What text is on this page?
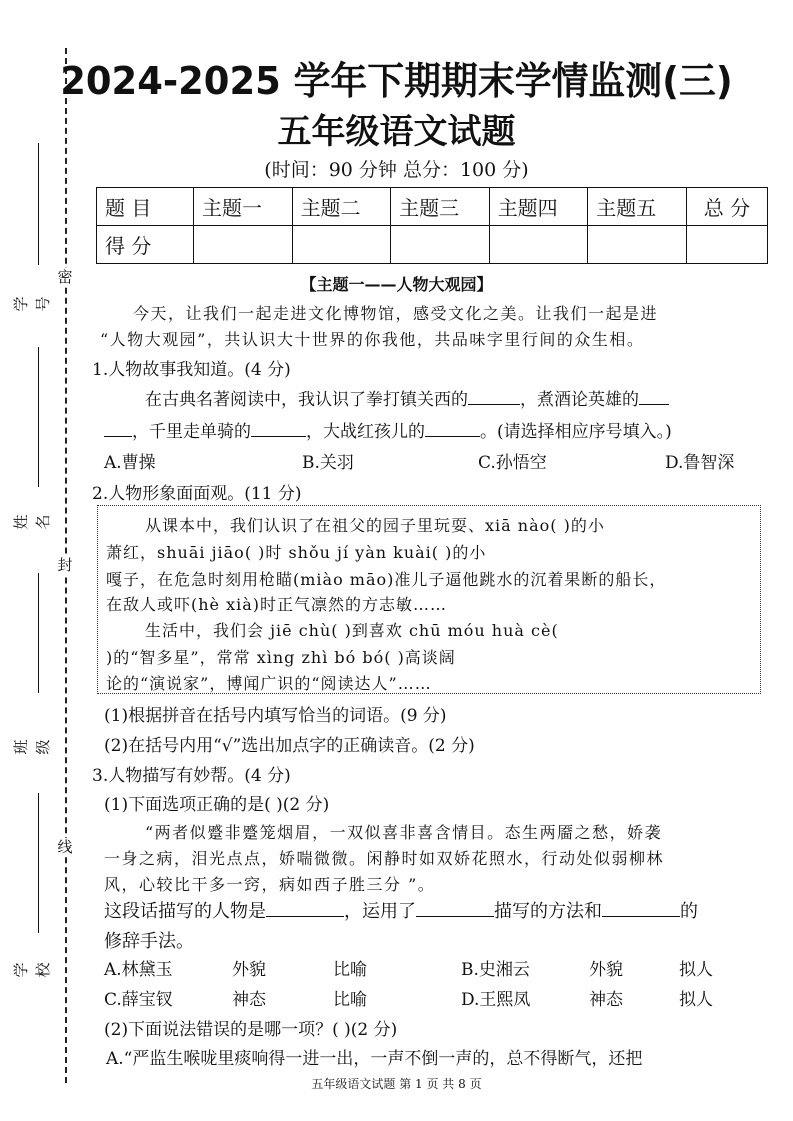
密
封
线
学 号
姓 名
班 级
学 校
2024-2025 学年下期期末学情监测(三)
五年级语文试题
(时间：90 分钟 总分：100 分)
题 目	主题一	主题二	主题三	主题四	主题五	总 分
得 分						
【主题一——人物大观园】
今天，让我们一起走进文化博物馆，感受文化之美。让我们一起是进
“人物大观园”，共认识大十世界的你我他，共品味字里行间的众生相。
1.人物故事我知道。(4 分)
在古典名著阅读中，我认识了拳打镇关西的	，煮酒论英雄的
，千里走单骑的	，大战红孩儿的	。(请选择相应序号填入。)
A.曹操	B.关羽	C.孙悟空	D.鲁智深
2.人物形象面面观。(11 分)
从课本中，我们认识了在祖父的园子里玩耍、xiā nào( )的小
萧红，shuāi jiāo( )时 shǒu jí yàn kuài( )的小
嘎子，在危急时刻用枪瞄(miào māo)准儿子逼他跳水的沉着果断的船长，
在敌人或吓(hè xià)时正气凛然的方志敏……
生活中，我们会 jiē chù( )到喜欢 chū móu huà cè(
)的“智多星”，常常 xìng zhì bó bó( )高谈阔
论的“演说家”，博闻广识的“阅读达人”……
(1)根据拼音在括号内填写恰当的词语。(9 分)
(2)在括号内用“√”选出加点字的正确读音。(2 分)
3.人物描写有妙帮。(4 分)
(1)下面选项正确的是( )(2 分)
“两者似蹙非蹙笼烟眉，一双似喜非喜含情目。态生两靥之愁，娇袭
一身之病，泪光点点，娇喘微微。闲静时如双娇花照水，行动处似弱柳林
风，心较比干多一窍，病如西子胜三分 ”。
这段话描写的人物是	，运用了	描写的方法和	的
修辞手法。
A.林黛玉	外貌	比喻	B.史湘云	外貌	拟人
C.薛宝钗	神态	比喻	D.王熙凤	神态	拟人
(2)下面说法错误的是哪一项？( )(2 分)
A.“严监生喉咙里痰响得一进一出，一声不倒一声的，总不得断气，还把
五年级语文试题 第 1 页 共 8 页
